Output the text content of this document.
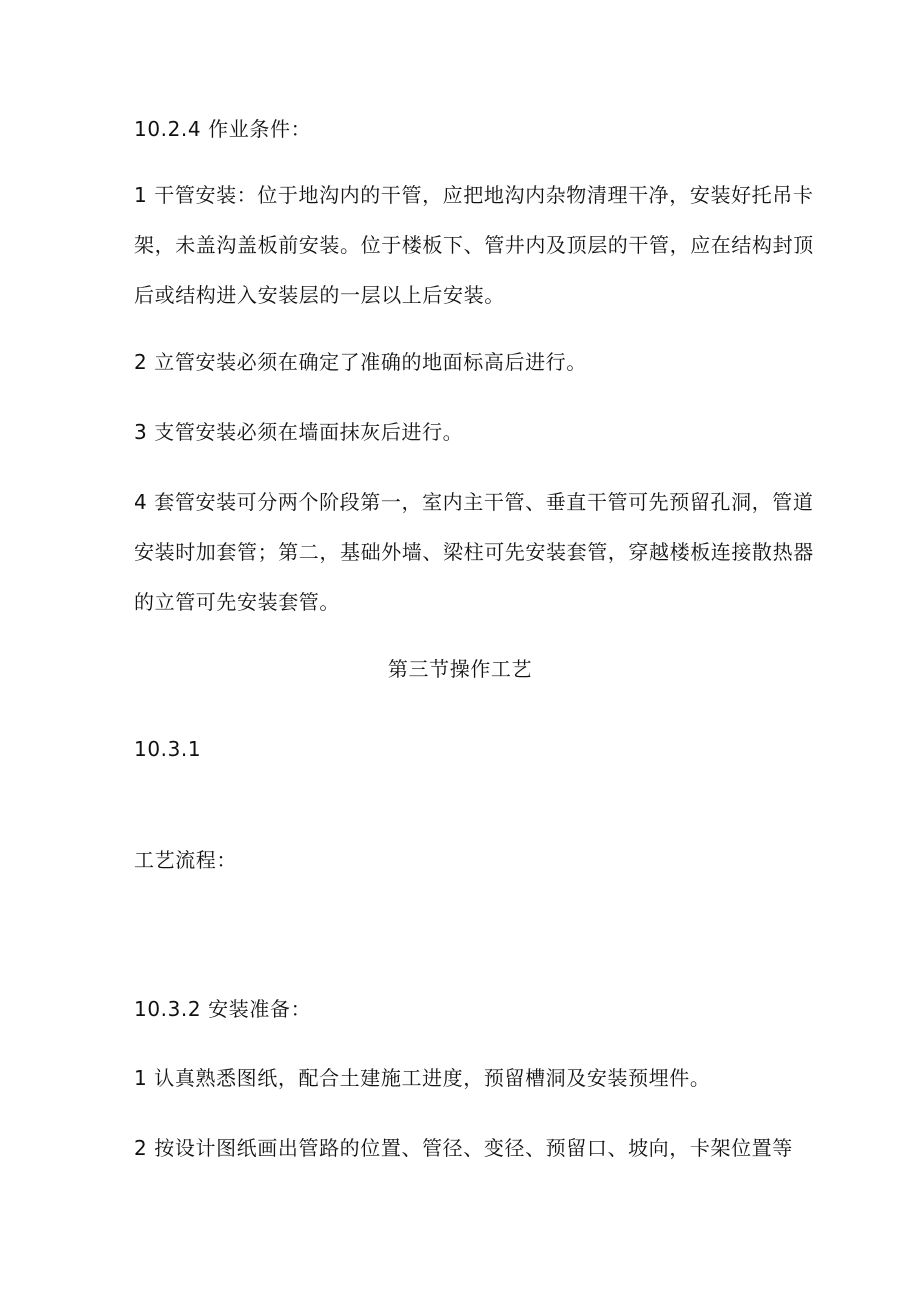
10.2.4 作业条件：

1 干管安装：位于地沟内的干管，应把地沟内杂物清理干净，安装好托吊卡

架，未盖沟盖板前安装。位于楼板下、管井内及顶层的干管，应在结构封顶

后或结构进入安装层的一层以上后安装。

2 立管安装必须在确定了准确的地面标高后进行。

3 支管安装必须在墙面抹灰后进行。

4 套管安装可分两个阶段第一，室内主干管、垂直干管可先预留孔洞，管道

安装时加套管；第二，基础外墙、梁柱可先安装套管，穿越楼板连接散热器

的立管可先安装套管。

第三节操作工艺

10.3.1

工艺流程：

10.3.2 安装准备：

1 认真熟悉图纸，配合土建施工进度，预留槽洞及安装预埋件。

2 按设计图纸画出管路的位置、管径、变径、预留口、坡向，卡架位置等
